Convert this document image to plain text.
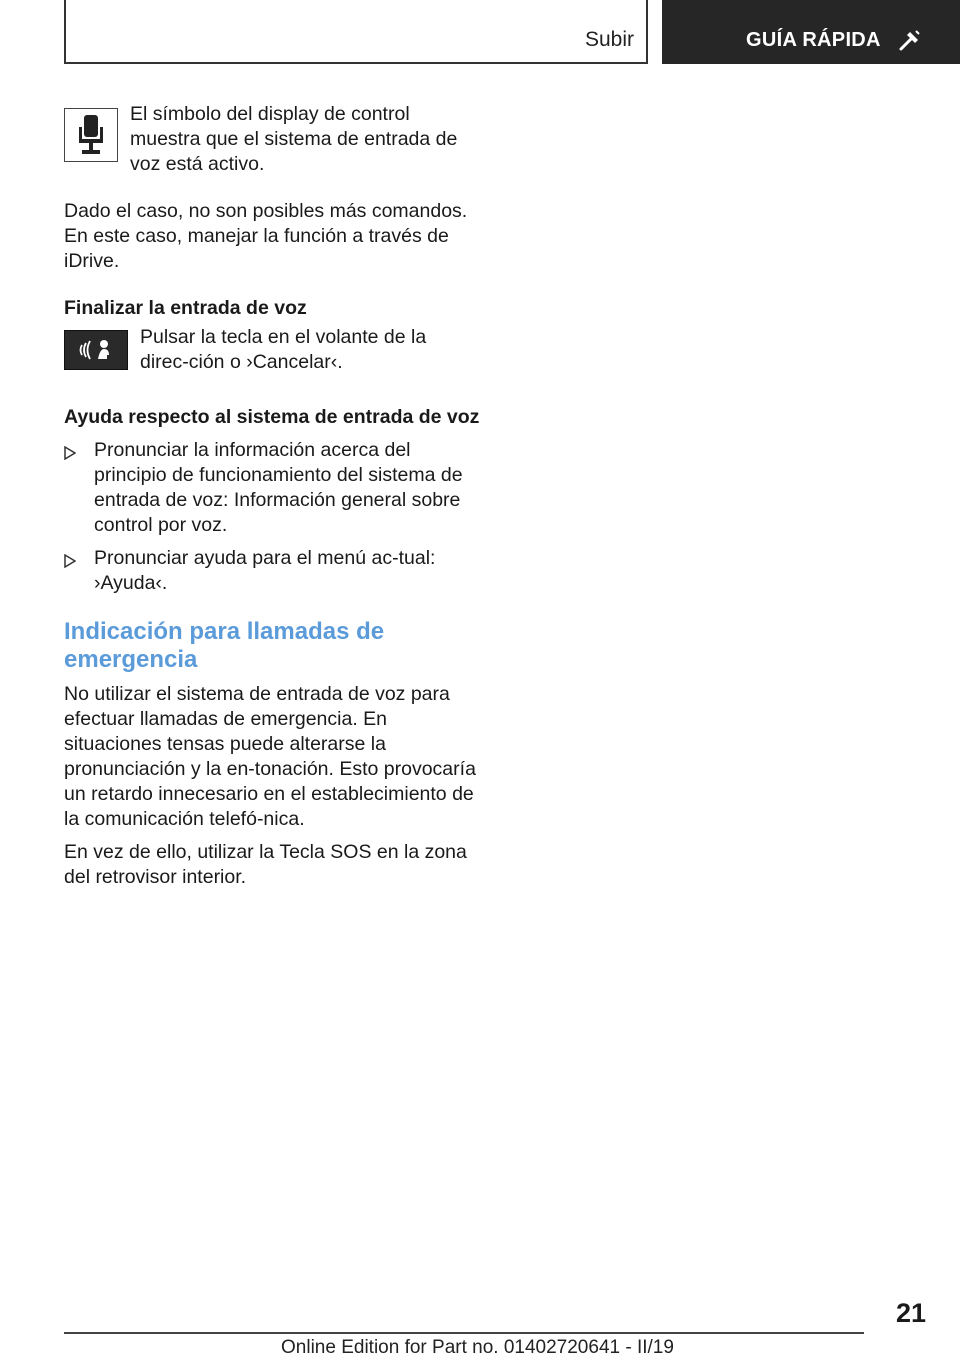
Subir	GUÍA RÁPIDA

El símbolo del display de control muestra que el sistema de entrada de voz está activo.

Dado el caso, no son posibles más comandos. En este caso, manejar la función a través de iDrive.

Finalizar la entrada de voz

Pulsar la tecla en el volante de la direc‐ción o ›Cancelar‹.

Ayuda respecto al sistema de entrada de voz

Pronunciar la información acerca del principio de funcionamiento del sistema de entrada de voz: Información general sobre control por voz.
Pronunciar ayuda para el menú ac‐tual: ›Ayuda‹.
Indicación para llamadas de emergencia

No utilizar el sistema de entrada de voz para efectuar llamadas de emergencia. En situaciones tensas puede alterarse la pronunciación y la en‐tonación. Esto provocaría un retardo innecesario en el establecimiento de la comunicación telefó‐nica.

En vez de ello, utilizar la Tecla SOS en la zona del retrovisor interior.

21
Online Edition for Part no. 01402720641 - II/19
